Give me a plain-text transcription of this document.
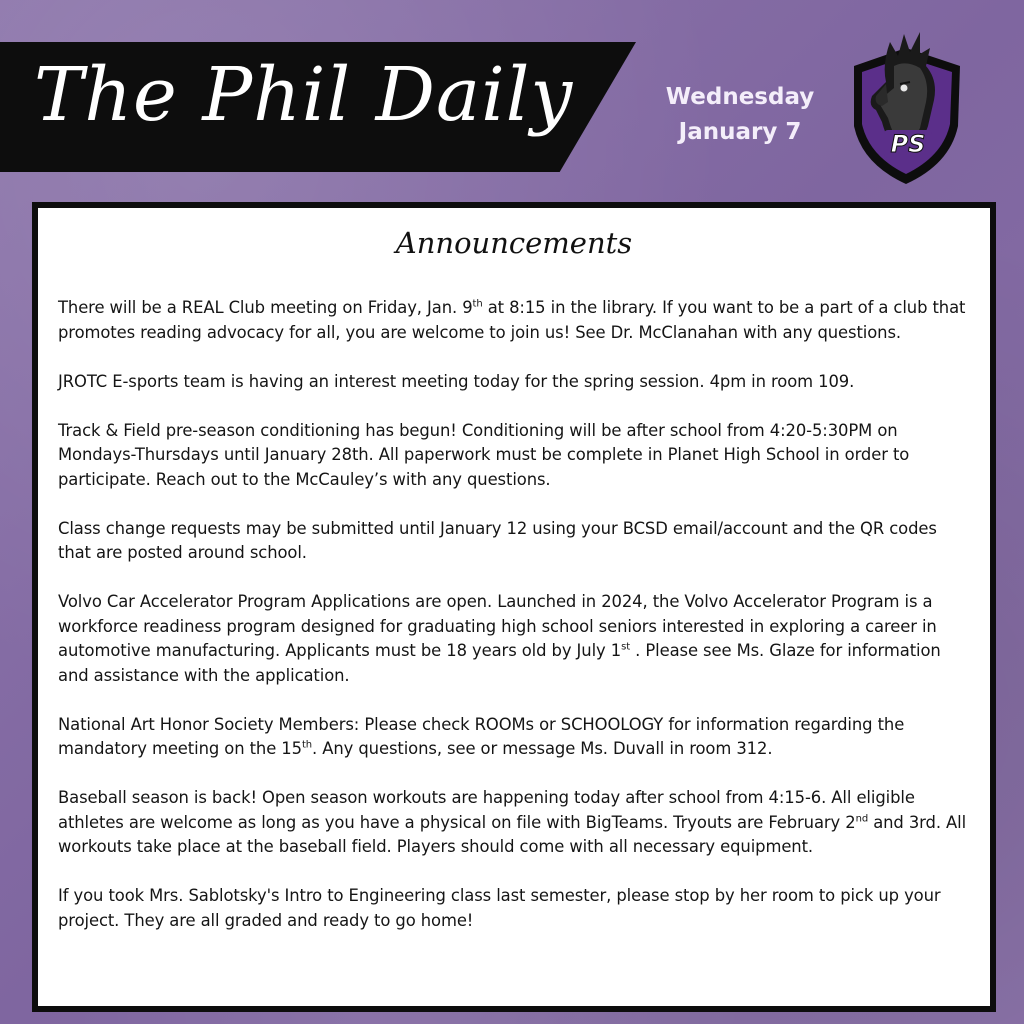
The Phil Daily	Wednesday
January 7	PS
Announcements

There will be a REAL Club meeting on Friday, Jan. 9th at 8:15 in the library. If you want to be a part of a club that promotes reading advocacy for all, you are welcome to join us! See Dr. McClanahan with any questions.

JROTC E-sports team is having an interest meeting today for the spring session. 4pm in room 109.

Track & Field pre-season conditioning has begun! Conditioning will be after school from 4:20-5:30PM on Mondays-Thursdays until January 28th. All paperwork must be complete in Planet High School in order to participate. Reach out to the McCauley’s with any questions.

Class change requests may be submitted until January 12 using your BCSD email/account and the QR codes that are posted around school.

Volvo Car Accelerator Program Applications are open. Launched in 2024, the Volvo Accelerator Program is a workforce readiness program designed for graduating high school seniors interested in exploring a career in automotive manufacturing. Applicants must be 18 years old by July 1st . Please see Ms. Glaze for information and assistance with the application.

National Art Honor Society Members: Please check ROOMs or SCHOOLOGY for information regarding the mandatory meeting on the 15th. Any questions, see or message Ms. Duvall in room 312.

Baseball season is back! Open season workouts are happening today after school from 4:15-6. All eligible athletes are welcome as long as you have a physical on file with BigTeams. Tryouts are February 2nd and 3rd. All workouts take place at the baseball field. Players should come with all necessary equipment.

If you took Mrs. Sablotsky's Intro to Engineering class last semester, please stop by her room to pick up your project. They are all graded and ready to go home!
